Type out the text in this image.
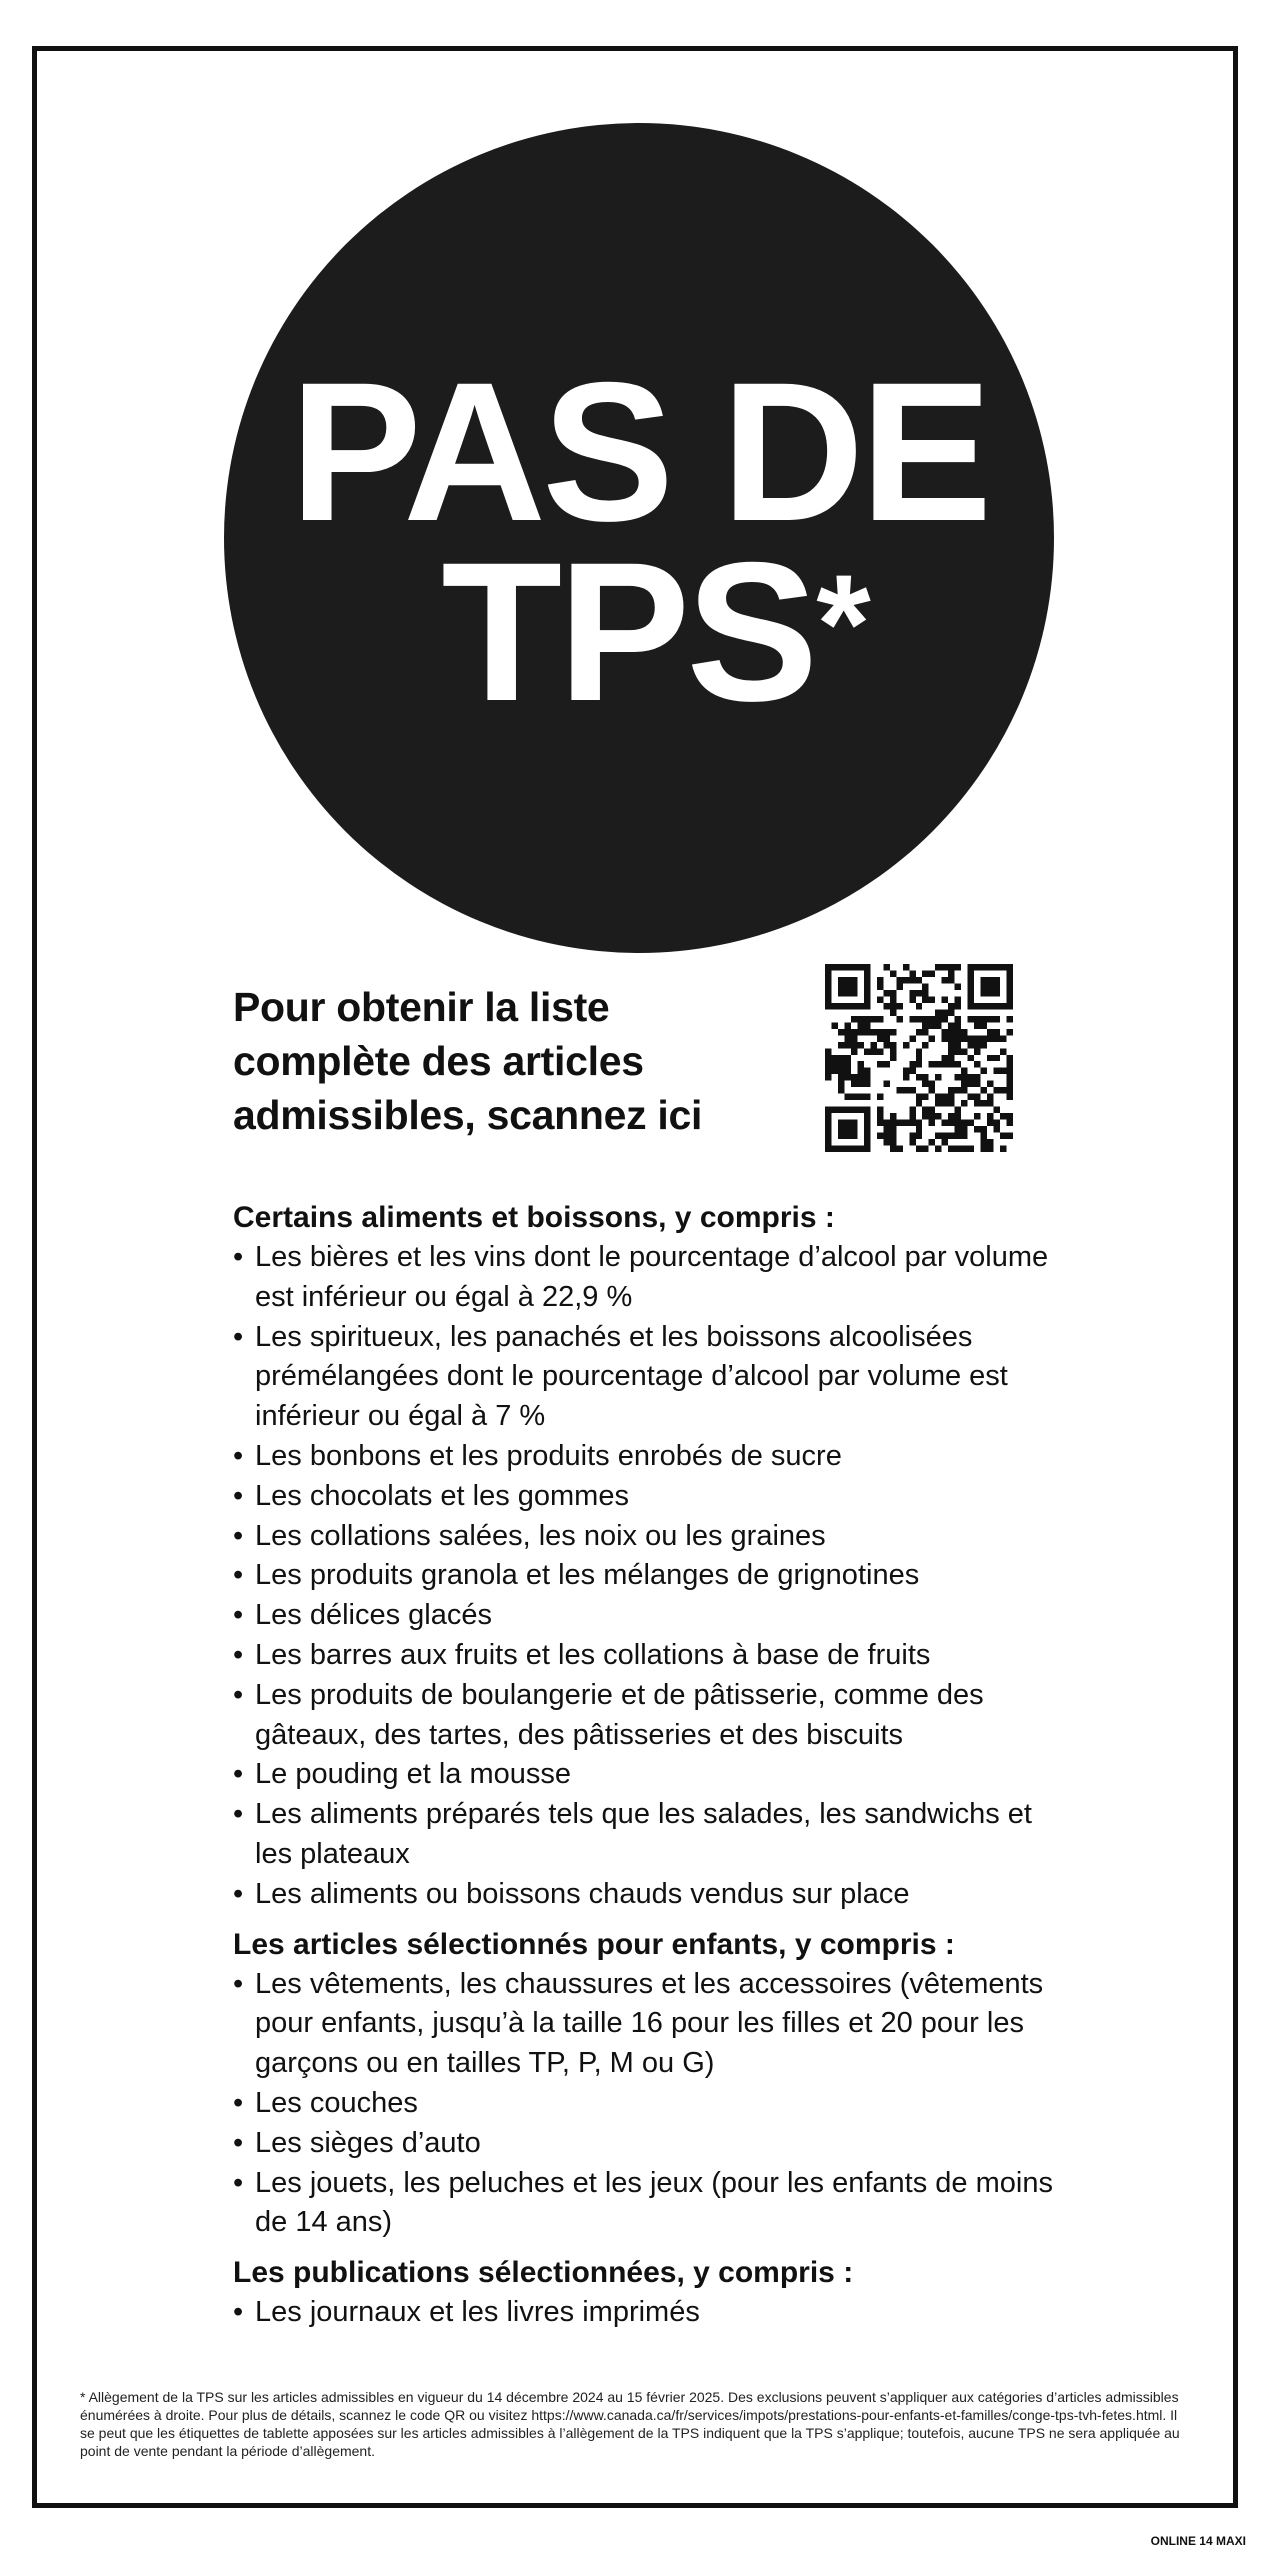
PAS DE
TPS*
Pour obtenir la liste
complète des articles
admissibles, scannez ici
Certains aliments et boissons, y compris :
• Les bières et les vins dont le pourcentage d’alcool par volume est inférieur ou égal à 22,9 %
• Les spiritueux, les panachés et les boissons alcoolisées prémélangées dont le pourcentage d’alcool par volume est inférieur ou égal à 7 %
• Les bonbons et les produits enrobés de sucre
• Les chocolats et les gommes
• Les collations salées, les noix ou les graines
• Les produits granola et les mélanges de grignotines
• Les délices glacés
• Les barres aux fruits et les collations à base de fruits
• Les produits de boulangerie et de pâtisserie, comme des gâteaux, des tartes, des pâtisseries et des biscuits
• Le pouding et la mousse
• Les aliments préparés tels que les salades, les sandwichs et les plateaux
• Les aliments ou boissons chauds vendus sur place
Les articles sélectionnés pour enfants, y compris :
• Les vêtements, les chaussures et les accessoires (vêtements pour enfants, jusqu’à la taille 16 pour les filles et 20 pour les garçons ou en tailles TP, P, M ou G)
• Les couches
• Les sièges d’auto
• Les jouets, les peluches et les jeux (pour les enfants de moins de 14 ans)
Les publications sélectionnées, y compris :
• Les journaux et les livres imprimés
* Allègement de la TPS sur les articles admissibles en vigueur du 14 décembre 2024 au 15 février 2025. Des exclusions peuvent s’appliquer aux catégories d’articles admissibles énumérées à droite. Pour plus de détails, scannez le code QR ou visitez https://www.canada.ca/fr/services/impots/prestations-pour-enfants-et-familles/conge-tps-tvh-fetes.html. Il se peut que les étiquettes de tablette apposées sur les articles admissibles à l’allègement de la TPS indiquent que la TPS s’applique; toutefois, aucune TPS ne sera appliquée au point de vente pendant la période d’allègement.
ONLINE 14 MAXI
